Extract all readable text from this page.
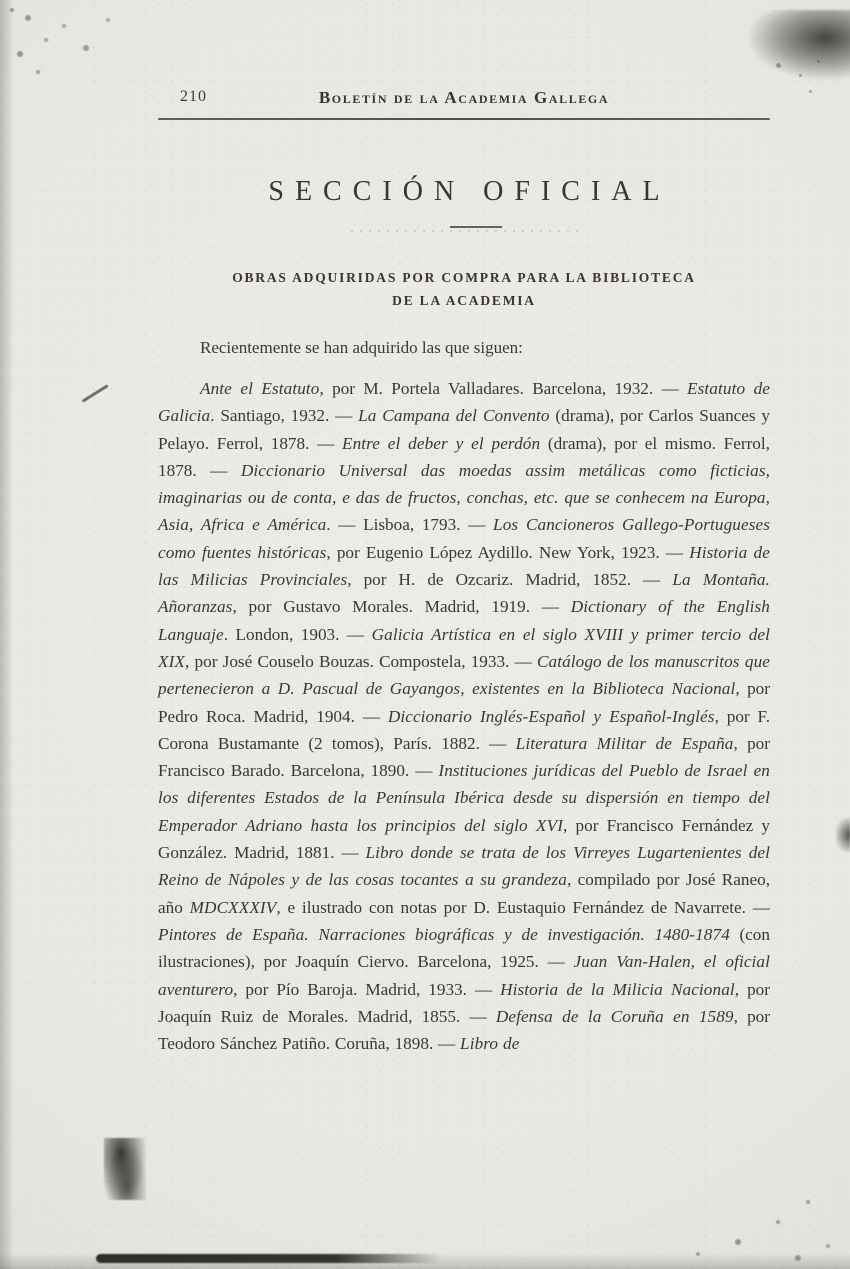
210	Boletín de la Academia Gallega
SECCIÓN OFICIAL
OBRAS ADQUIRIDAS POR COMPRA PARA LA BIBLIOTECA
DE LA ACADEMIA

Recientemente se han adquirido las que siguen:

Ante el Estatuto, por M. Portela Valladares. Barcelona, 1932. — Estatuto de Galicia. Santiago, 1932. — La Campana del Convento (drama), por Carlos Suances y Pelayo. Ferrol, 1878. — Entre el deber y el perdón (drama), por el mismo. Ferrol, 1878. — Diccionario Universal das moedas assim metálicas como ficticias, imaginarias ou de conta, e das de fructos, conchas, etc. que se conhecem na Europa, Asia, Africa e América. — Lisboa, 1793. — Los Cancioneros Gallego-Portugueses como fuentes históricas, por Eugenio López Aydillo. New York, 1923. — Historia de las Milicias Provinciales, por H. de Ozcariz. Madrid, 1852. — La Montaña. Añoranzas, por Gustavo Morales. Madrid, 1919. — Dictionary of the English Languaje. London, 1903. — Galicia Artística en el siglo XVIII y primer tercio del XIX, por José Couselo Bouzas. Compostela, 1933. — Catálogo de los manuscritos que pertenecieron a D. Pascual de Gayangos, existentes en la Biblioteca Nacional, por Pedro Roca. Madrid, 1904. — Diccionario Inglés-Español y Español-Inglés, por F. Corona Bustamante (2 tomos), París. 1882. — Literatura Militar de España, por Francisco Barado. Barcelona, 1890. — Instituciones jurídicas del Pueblo de Israel en los diferentes Estados de la Península Ibérica desde su dispersión en tiempo del Emperador Adriano hasta los principios del siglo XVI, por Francisco Fernández y González. Madrid, 1881. — Libro donde se trata de los Virreyes Lugartenientes del Reino de Nápoles y de las cosas tocantes a su grandeza, compilado por José Raneo, año MDCXXXIV, e ilustrado con notas por D. Eustaquio Fernández de Navarrete. — Pintores de España. Narraciones biográficas y de investigación. 1480-1874 (con ilustraciones), por Joaquín Ciervo. Barcelona, 1925. — Juan Van-Halen, el oficial aventurero, por Pío Baroja. Madrid, 1933. — Historia de la Milicia Nacional, por Joaquín Ruiz de Morales. Madrid, 1855. — Defensa de la Coruña en 1589, por Teodoro Sánchez Patiño. Coruña, 1898. — Libro de
